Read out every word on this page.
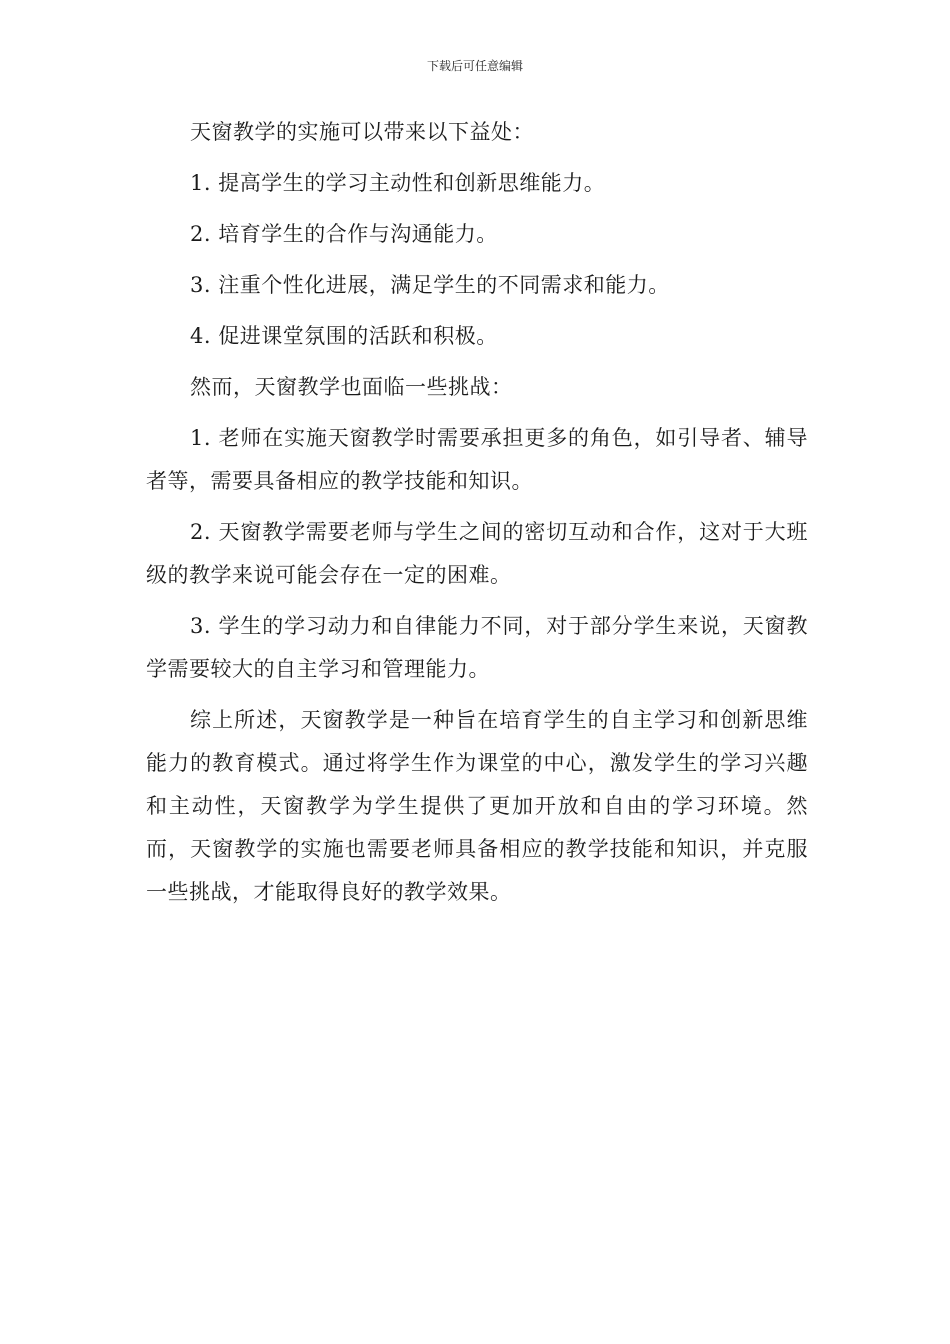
下载后可任意编辑

天窗教学的实施可以带来以下益处：

1. 提高学生的学习主动性和创新思维能力。

2. 培育学生的合作与沟通能力。

3. 注重个性化进展，满足学生的不同需求和能力。

4. 促进课堂氛围的活跃和积极。

然而，天窗教学也面临一些挑战：

1. 老师在实施天窗教学时需要承担更多的角色，如引导者、辅导者等，需要具备相应的教学技能和知识。

2. 天窗教学需要老师与学生之间的密切互动和合作，这对于大班级的教学来说可能会存在一定的困难。

3. 学生的学习动力和自律能力不同，对于部分学生来说，天窗教学需要较大的自主学习和管理能力。

综上所述，天窗教学是一种旨在培育学生的自主学习和创新思维能力的教育模式。通过将学生作为课堂的中心，激发学生的学习兴趣和主动性，天窗教学为学生提供了更加开放和自由的学习环境。然而，天窗教学的实施也需要老师具备相应的教学技能和知识，并克服一些挑战，才能取得良好的教学效果。
